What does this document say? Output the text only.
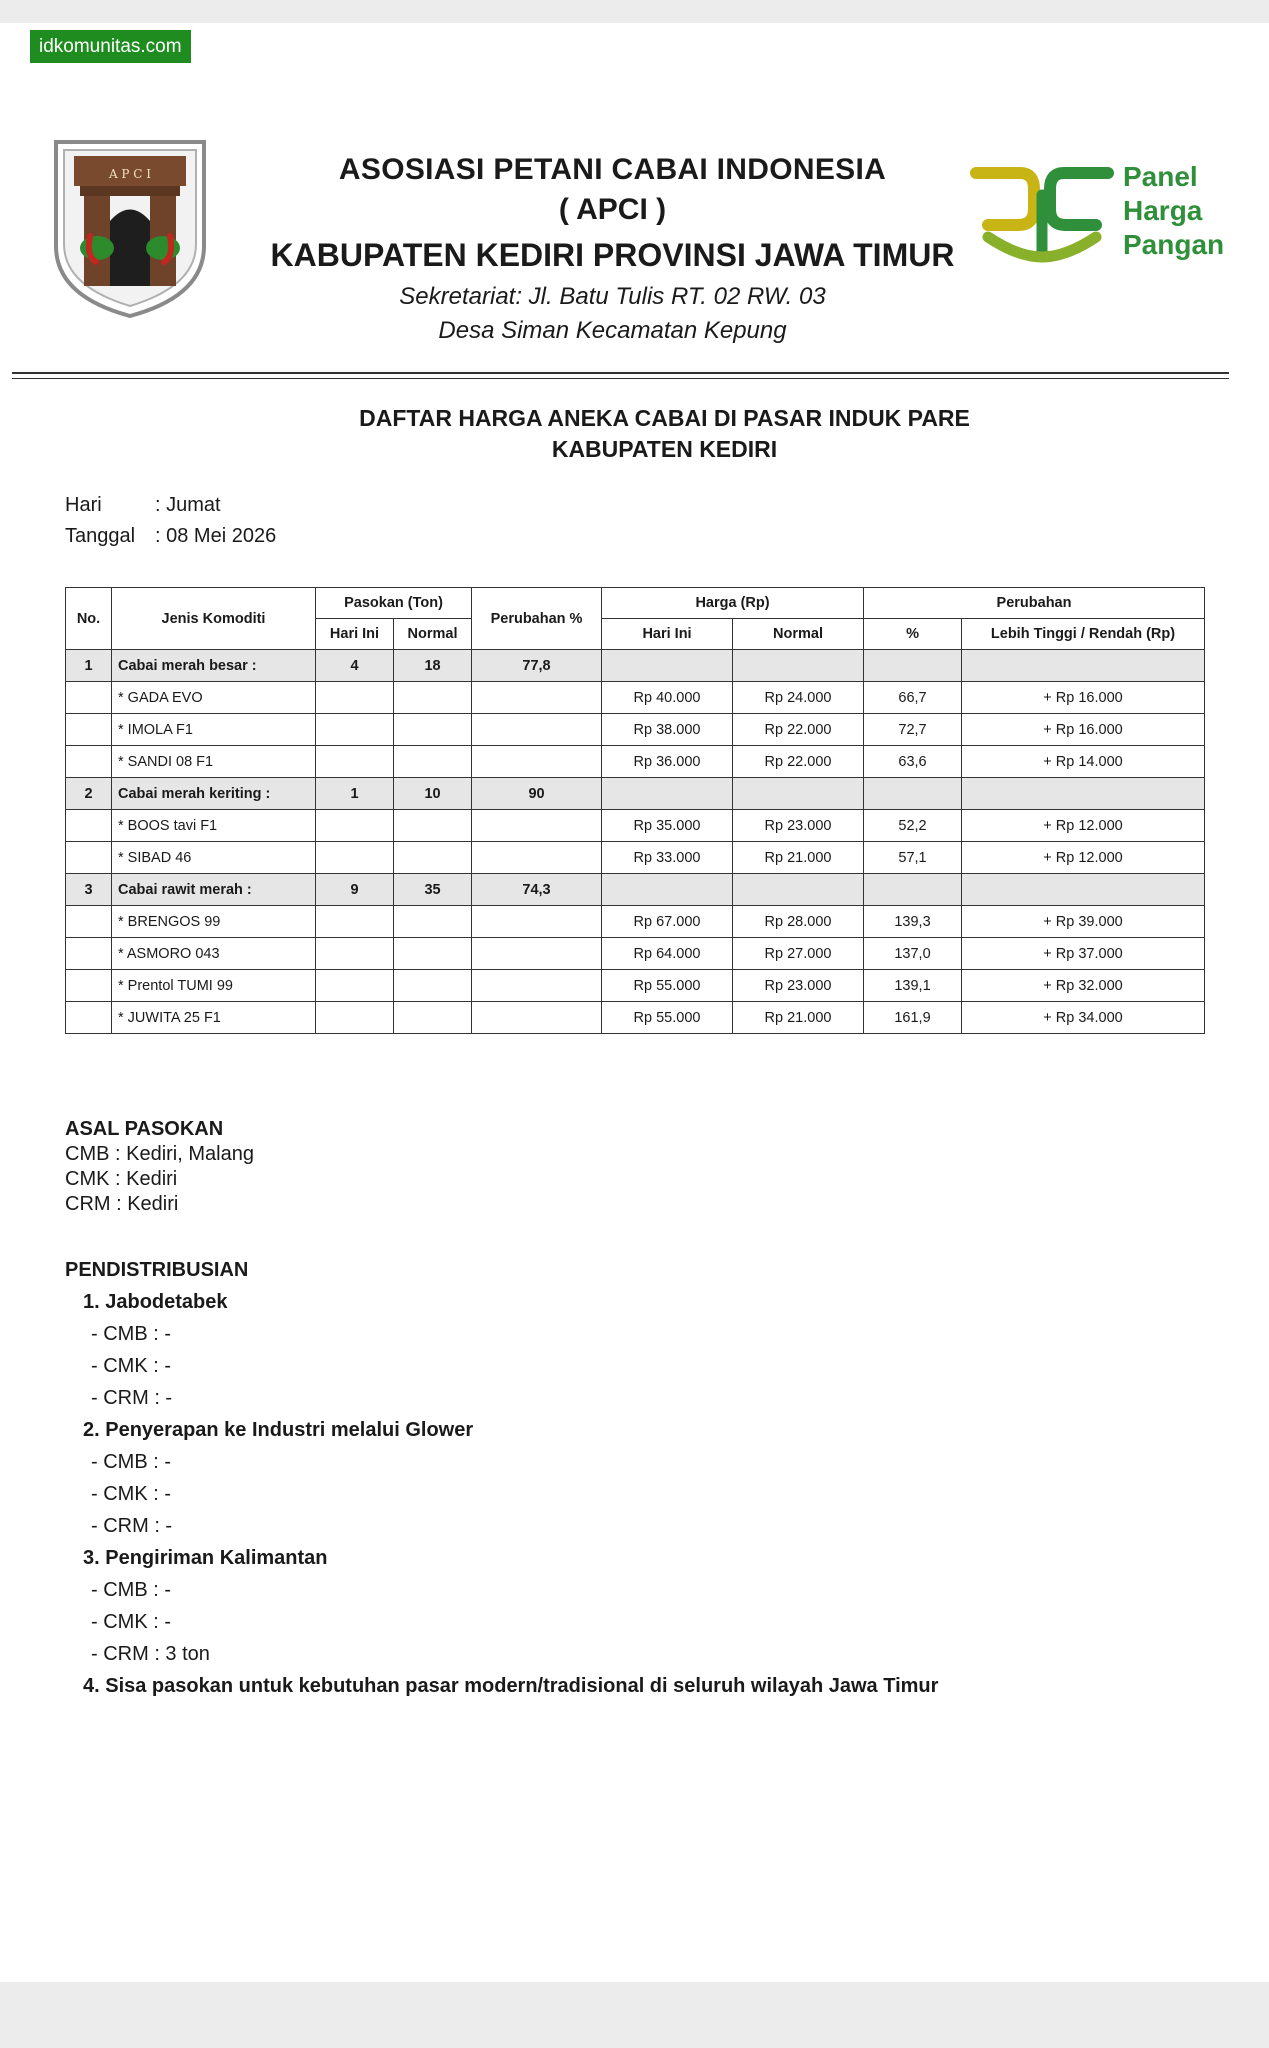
idkomunitas.com
A P C I	ASOSIASI PETANI CABAI INDONESIA
( APCI )
KABUPATEN KEDIRI PROVINSI JAWA TIMUR
Sekretariat: Jl. Batu Tulis RT. 02 RW. 03
Desa Siman Kecamatan Kepung
Panel
Harga
Pangan
DAFTAR HARGA ANEKA CABAI DI PASAR INDUK PARE
KABUPATEN KEDIRI
Hari	: Jumat
Tanggal : 08 Mei 2026
No.	Jenis Komoditi	Pasokan (Ton)		Perubahan %	Harga (Rp)		Perubahan	
		Hari Ini	Normal		Hari Ini	Normal	%	Lebih Tinggi / Rendah (Rp)
1	Cabai merah besar :	4	18	77,8				
	* GADA EVO				Rp 40.000	Rp 24.000	66,7	+ Rp 16.000
	* IMOLA F1				Rp 38.000	Rp 22.000	72,7	+ Rp 16.000
	* SANDI 08 F1				Rp 36.000	Rp 22.000	63,6	+ Rp 14.000
2	Cabai merah keriting :	1	10	90				
	* BOOS tavi F1				Rp 35.000	Rp 23.000	52,2	+ Rp 12.000
	* SIBAD 46				Rp 33.000	Rp 21.000	57,1	+ Rp 12.000
3	Cabai rawit merah :	9	35	74,3				
	* BRENGOS 99				Rp 67.000	Rp 28.000	139,3	+ Rp 39.000
	* ASMORO 043				Rp 64.000	Rp 27.000	137,0	+ Rp 37.000
	* Prentol TUMI 99				Rp 55.000	Rp 23.000	139,1	+ Rp 32.000
	* JUWITA 25 F1				Rp 55.000	Rp 21.000	161,9	+ Rp 34.000
ASAL PASOKAN
CMB : Kediri, Malang
CMK : Kediri
CRM : Kediri
PENDISTRIBUSIAN
1. Jabodetabek
- CMB : -
- CMK : -
- CRM : -
2. Penyerapan ke Industri melalui Glower
- CMB : -
- CMK : -
- CRM : -
3. Pengiriman Kalimantan
- CMB : -
- CMK : -
- CRM : 3 ton
4. Sisa pasokan untuk kebutuhan pasar modern/tradisional di seluruh wilayah Jawa Timur
